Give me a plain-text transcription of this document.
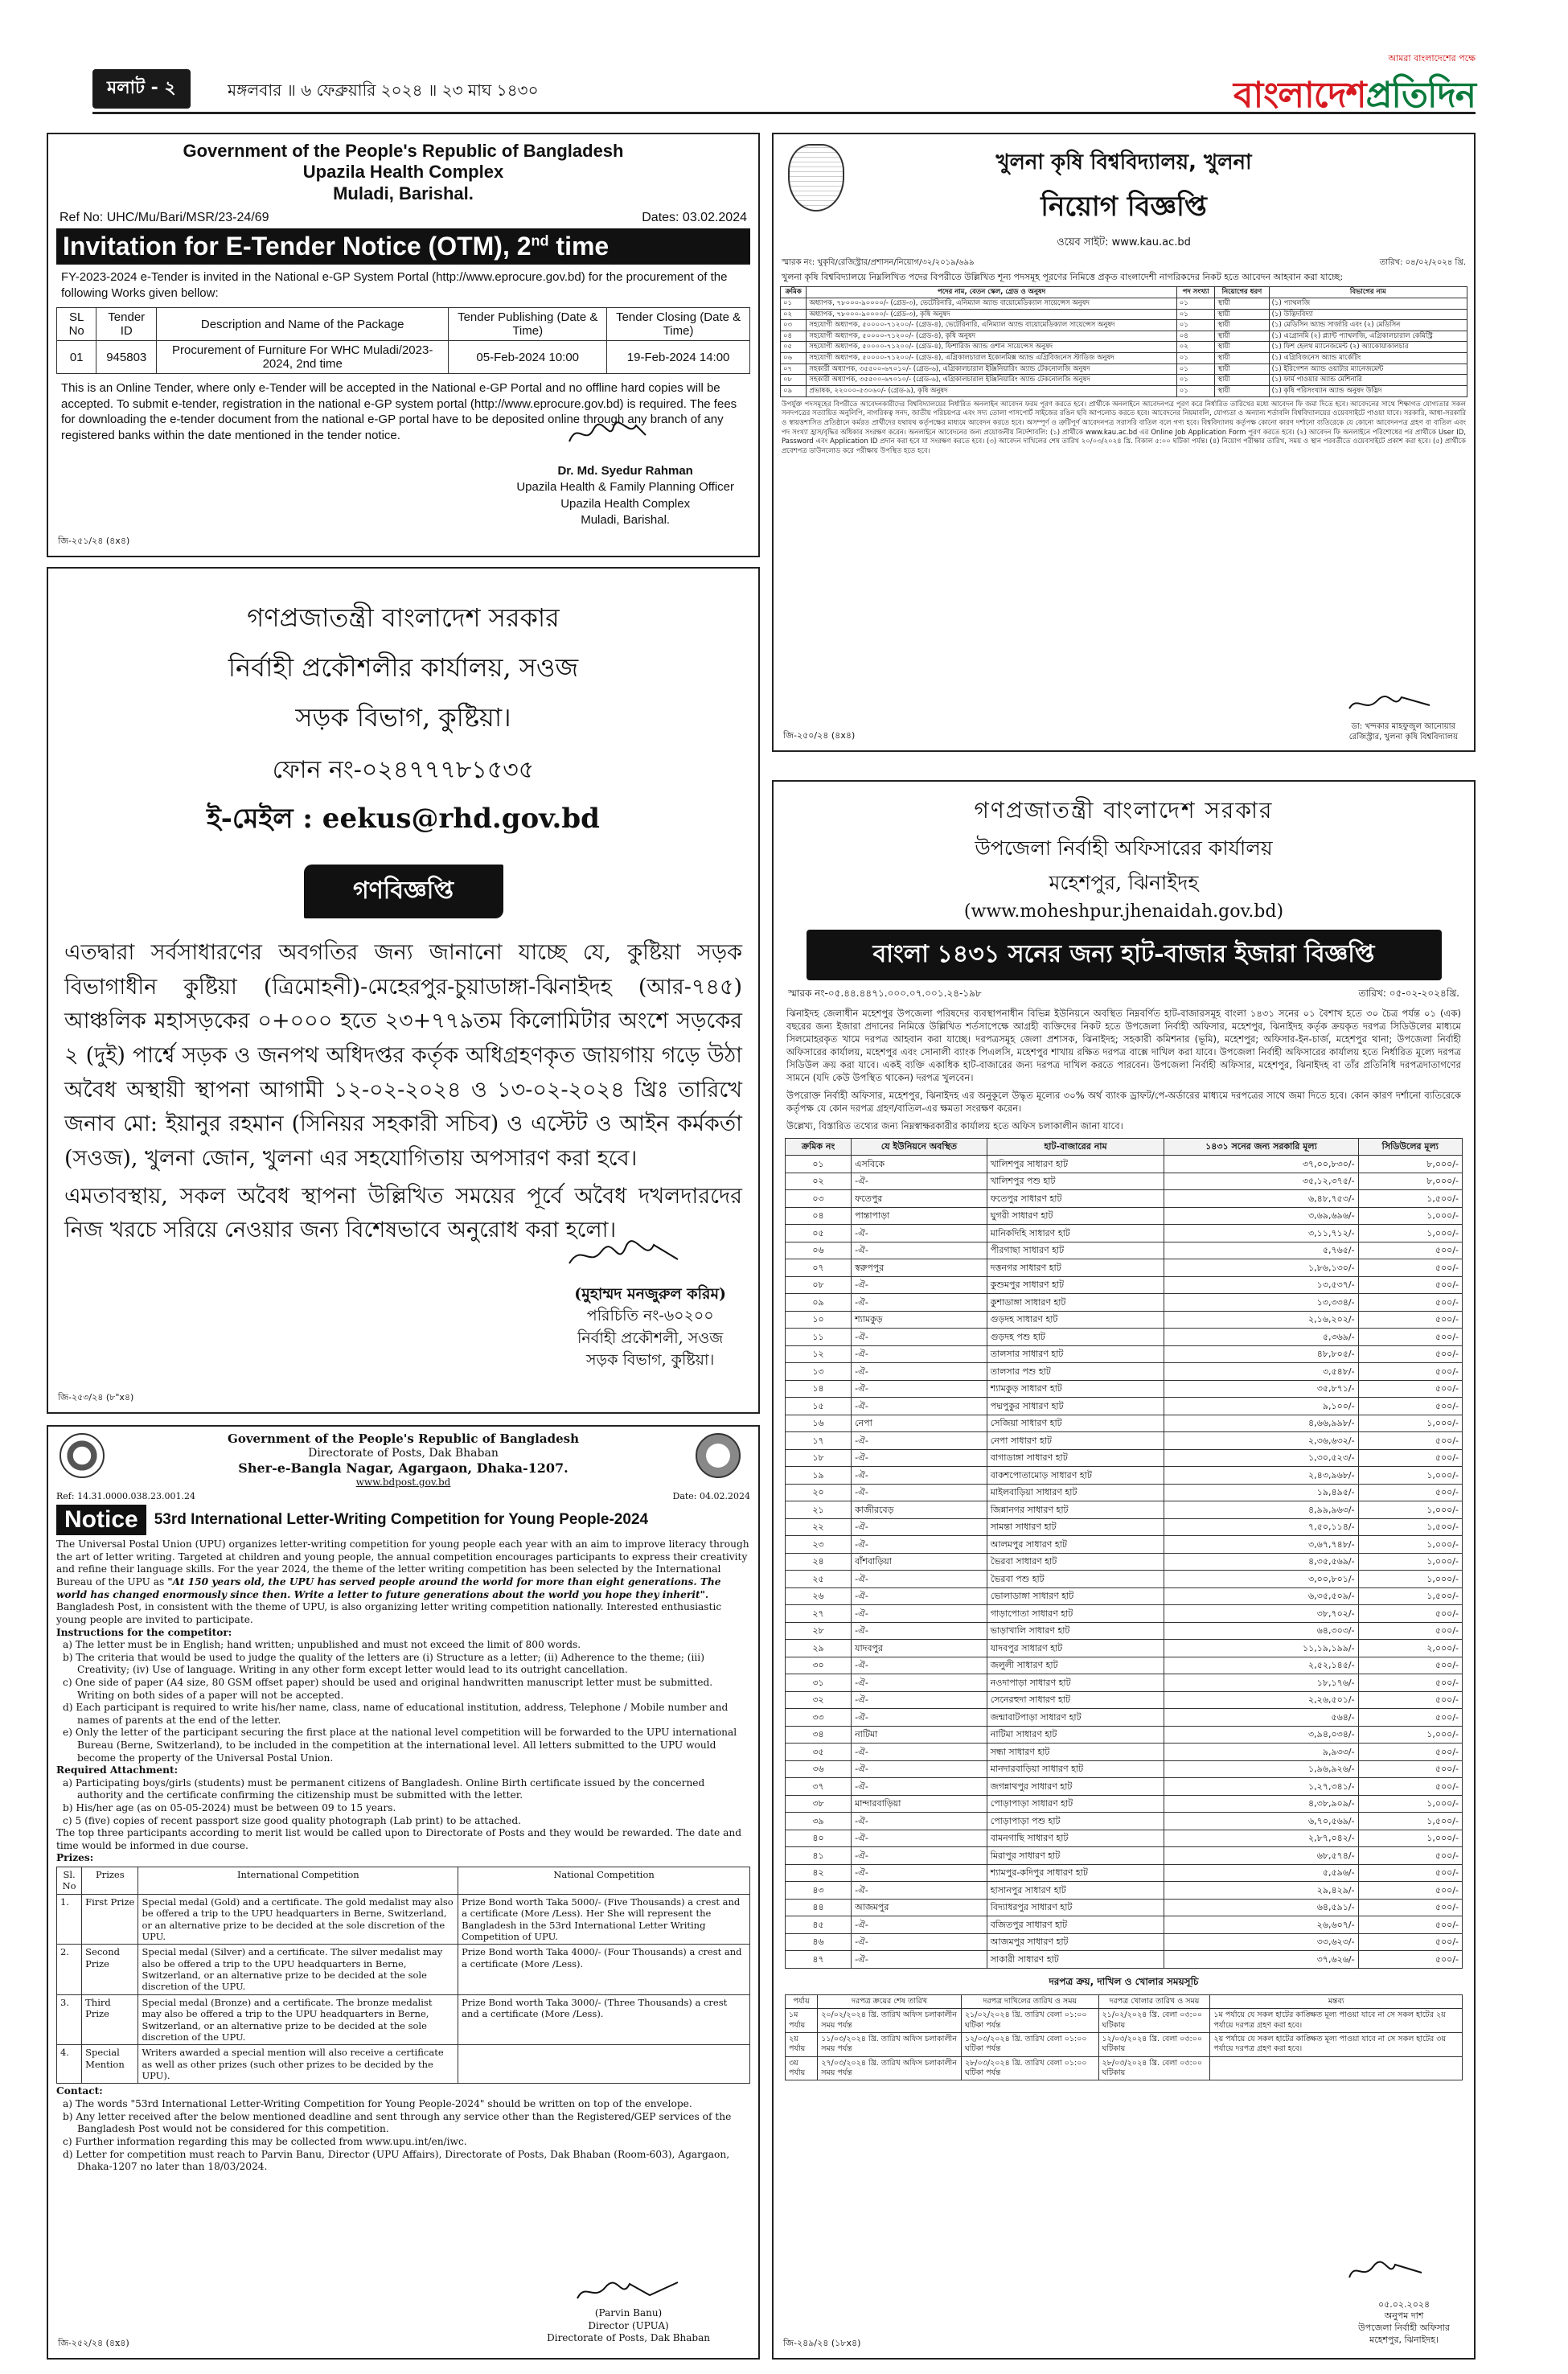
মলাট - ২	মঙ্গলবার ॥ ৬ ফেব্রুয়ারি ২০২৪ ॥ ২৩ মাঘ ১৪৩০
আমরা বাংলাদেশের পক্ষে
বাংলাদেশপ্রতিদিন
Government of the People's Republic of Bangladesh
Upazila Health Complex
Muladi, Barishal.
Ref No: UHC/Mu/Bari/MSR/23-24/69	Dates: 03.02.2024
Invitation for E-Tender Notice (OTM), 2nd time
FY-2023-2024 e-Tender is invited in the National e-GP System Portal (http://www.eprocure.gov.bd) for the procurement of the following Works given bellow:
SL No	Tender ID	Description and Name of the Package	Tender Publishing (Date & Time)	Tender Closing (Date & Time)
01	945803	Procurement of Furniture For WHC Muladi/2023-2024, 2nd time	05-Feb-2024 10:00	19-Feb-2024 14:00
This is an Online Tender, where only e-Tender will be accepted in the National e-GP Portal and no offline hard copies will be accepted. To submit e-tender, registration in the national e-GP system portal (http://www.eprocure.gov.bd) is required. The fees for downloading the e-tender document from the national e-GP portal have to be deposited online through any branch of any registered banks within the date mentioned in the tender notice.
Dr. Md. Syedur Rahman
Upazila Health & Family Planning Officer
Upazila Health Complex
Muladi, Barishal.
জি-২৫১/২৪ (৪x৪)
গণপ্রজাতন্ত্রী বাংলাদেশ সরকার
নির্বাহী প্রকৌশলীর কার্যালয়, সওজ
সড়ক বিভাগ, কুষ্টিয়া।
ফোন নং-০২৪৭৭৭৮১৫৩৫
ই-মেইল : eekus@rhd.gov.bd
গণবিজ্ঞপ্তি

এতদ্বারা সর্বসাধারণের অবগতির জন্য জানানো যাচ্ছে যে, কুষ্টিয়া সড়ক বিভাগাধীন কুষ্টিয়া (ত্রিমোহনী)-মেহেরপুর-চুয়াডাঙ্গা-ঝিনাইদহ (আর-৭৪৫) আঞ্চলিক মহাসড়কের ০+০০০ হতে ২৩+৭৭৯তম কিলোমিটার অংশে সড়কের ২ (দুই) পার্শ্বে সড়ক ও জনপথ অধিদপ্তর কর্তৃক অধিগ্রহণকৃত জায়গায় গড়ে উঠা অবৈধ অস্থায়ী স্থাপনা আগামী ১২-০২-২০২৪ ও ১৩-০২-২০২৪ খ্রিঃ তারিখে জনাব মো: ইয়ানুর রহমান (সিনিয়র সহকারী সচিব) ও এস্টেট ও আইন কর্মকর্তা (সওজ), খুলনা জোন, খুলনা এর সহযোগিতায় অপসারণ করা হবে।

এমতাবস্থায়, সকল অবৈধ স্থাপনা উল্লিখিত সময়ের পূর্বে অবৈধ দখলদারদের নিজ খরচে সরিয়ে নেওয়ার জন্য বিশেষভাবে অনুরোধ করা হলো।

(মুহাম্মদ মনজুরুল করিম)
পরিচিতি নং-৬০২০০
নির্বাহী প্রকৌশলী, সওজ
সড়ক বিভাগ, কুষ্টিয়া।
জি-২৫৩/২৪ (৮"x৪)
Government of the People's Republic of Bangladesh
Directorate of Posts, Dak Bhaban
Sher-e-Bangla Nagar, Agargaon, Dhaka-1207.
www.bdpost.gov.bd
Ref: 14.31.0000.038.23.001.24	Date: 04.02.2024
Notice	53rd International Letter-Writing Competition for Young People-2024
The Universal Postal Union (UPU) organizes letter-writing competition for young people each year with an aim to improve literacy through the art of letter writing. Targeted at children and young people, the annual competition encourages participants to express their creativity and refine their language skills. For the year 2024, the theme of the letter writing competition has been selected by the International Bureau of the UPU as "At 150 years old, the UPU has served people around the world for more than eight generations. The world has changed enormously since then. Write a letter to future generations about the world you hope they inherit".
Bangladesh Post, in consistent with the theme of UPU, is also organizing letter writing competition nationally. Interested enthusiastic young people are invited to participate.
Instructions for the competitor:
a) The letter must be in English; hand written; unpublished and must not exceed the limit of 800 words.
b) The criteria that would be used to judge the quality of the letters are (i) Structure as a letter; (ii) Adherence to the theme; (iii) Creativity; (iv) Use of language. Writing in any other form except letter would lead to its outright cancellation.
c) One side of paper (A4 size, 80 GSM offset paper) should be used and original handwritten manuscript letter must be submitted. Writing on both sides of a paper will not be accepted.
d) Each participant is required to write his/her name, class, name of educational institution, address, Telephone / Mobile number and names of parents at the end of the letter.
e) Only the letter of the participant securing the first place at the national level competition will be forwarded to the UPU international Bureau (Berne, Switzerland), to be included in the competition at the international level. All letters submitted to the UPU would become the property of the Universal Postal Union.
Required Attachment:
a) Participating boys/girls (students) must be permanent citizens of Bangladesh. Online Birth certificate issued by the concerned authority and the certificate confirming the citizenship must be submitted with the letter.
b) His/her age (as on 05-05-2024) must be between 09 to 15 years.
c) 5 (five) copies of recent passport size good quality photograph (Lab print) to be attached.
The top three participants according to merit list would be called upon to Directorate of Posts and they would be rewarded. The date and time would be informed in due course.
Prizes:
Sl. No	Prizes	International Competition	National Competition
1.	First Prize	Special medal (Gold) and a certificate. The gold medalist may also be offered a trip to the UPU headquarters in Berne, Switzerland, or an alternative prize to be decided at the sole discretion of the UPU.	Prize Bond worth Taka 5000/- (Five Thousands) a crest and a certificate (More /Less). Her She will represent the Bangladesh in the 53rd International Letter Writing Competition of UPU.
2.	Second Prize	Special medal (Silver) and a certificate. The silver medalist may also be offered a trip to the UPU headquarters in Berne, Switzerland, or an alternative prize to be decided at the sole discretion of the UPU.	Prize Bond worth Taka 4000/- (Four Thousands) a crest and a certificate (More /Less).
3.	Third Prize	Special medal (Bronze) and a certificate. The bronze medalist may also be offered a trip to the UPU headquarters in Berne, Switzerland, or an alternative prize to be decided at the sole discretion of the UPU.	Prize Bond worth Taka 3000/- (Three Thousands) a crest and a certificate (More /Less).
4.	Special Mention	Writers awarded a special mention will also receive a certificate as well as other prizes (such other prizes to be decided by the UPU).	
Contact:
a) The words "53rd International Letter-Writing Competition for Young People-2024" should be written on top of the envelope.
b) Any letter received after the below mentioned deadline and sent through any service other than the Registered/GEP services of the Bangladesh Post would not be considered for this competition.
c) Further information regarding this may be collected from www.upu.int/en/iwc.
d) Letter for competition must reach to Parvin Banu, Director (UPU Affairs), Directorate of Posts, Dak Bhaban (Room-603), Agargaon, Dhaka-1207 no later than 18/03/2024.
(Parvin Banu)
Director (UPUA)
Directorate of Posts, Dak Bhaban
জি-২৫২/২৪ (৪x৪)
খুলনা কৃষি বিশ্ববিদ্যালয়, খুলনা
নিয়োগ বিজ্ঞপ্তি
ওয়েব সাইট: www.kau.ac.bd
স্মারক নং: খুকৃবি/রেজিস্ট্রার/প্রশাসন/নিয়োগ/৩২/২০১৯/৬৯৯	তারিখ: ০৪/০২/২০২৪ খ্রি.
খুলনা কৃষি বিশ্ববিদ্যালয়ে নিম্নলিখিত পদের বিপরীতে উল্লিখিত শূন্য পদসমূহ পূরণের নিমিত্তে প্রকৃত বাংলাদেশী নাগরিকদের নিকট হতে আবেদন আহবান করা যাচ্ছে:
ক্রমিক	পদের নাম, বেতন স্কেল, গ্রেড ও অনুষদ	পদ সংখ্যা	নিয়োগের ধরণ	বিভাগের নাম
০১	অধ্যাপক, ৭৮০০০-৯০০০০/- (গ্রেড-৩), ভেটেরিনারি, এনিম্যাল অ্যান্ড বায়োমেডিক্যাল সায়েন্সেস অনুষদ	০১	স্থায়ী	(১) প্যাথলজি
০২	অধ্যাপক, ৭৮০০০-৯০০০০/- (গ্রেড-৩), কৃষি অনুষদ	০১	স্থায়ী	(১) উদ্ভিদবিদ্যা
০৩	সহযোগী অধ্যাপক, ৫০০০০-৭১২০০/- (গ্রেড-৪), ভেটেরিনারি, এনিম্যাল অ্যান্ড বায়োমেডিক্যাল সায়েন্সেস অনুষদ	০১	স্থায়ী	(১) মেডিসিন অ্যান্ড সার্জারি এবং (২) মেডিসিন
০৪	সহযোগী অধ্যাপক, ৫০০০০-৭১২০০/- (গ্রেড-৪), কৃষি অনুষদ	০৪	স্থায়ী	(১) এগ্রোনমি (২) প্ল্যান্ট প্যাথলজি, এগ্রিকালচারাল কেমিস্ট্রি
০৫	সহযোগী অধ্যাপক, ৫০০০০-৭১২০০/- (গ্রেড-৪), ফিশারিজ অ্যান্ড ওশান সায়েন্সেস অনুষদ	০২	স্থায়ী	(১) ফিশ হেলথ ম্যানেজমেন্ট (২) অ্যাকোয়াকালচার
০৬	সহযোগী অধ্যাপক, ৫০০০০-৭১২০০/- (গ্রেড-৪), এগ্রিকালচারাল ইকোনমিক্স অ্যান্ড এগ্রিবিজনেস স্টাডিজ অনুষদ	০১	স্থায়ী	(১) এগ্রিবিজনেস অ্যান্ড মার্কেটিং
০৭	সহকারী অধ্যাপক, ৩৫৫০০-৬৭০১০/- (গ্রেড-৬), এগ্রিকালচারাল ইঞ্জিনিয়ারিং অ্যান্ড টেকনোলজি অনুষদ	০১	স্থায়ী	(১) ইরিগেশন অ্যান্ড ওয়াটার ম্যানেজমেন্ট
০৮	সহকারী অধ্যাপক, ৩৫৫০০-৬৭০১০/- (গ্রেড-৬), এগ্রিকালচারাল ইঞ্জিনিয়ারিং অ্যান্ড টেকনোলজি অনুষদ	০১	স্থায়ী	(১) ফার্ম পাওয়ার অ্যান্ড মেশিনারি
০৯	প্রভাষক, ২২০০০-৫৩০৬০/- (গ্রেড-৯), কৃষি অনুষদ	০১	স্থায়ী	(১) কৃষি পরিসংখ্যান অ্যান্ড অনুষদ উদ্ভিদ
উপর্যুক্ত পদসমূহের বিপরীতে আবেদনকারীদের বিশ্ববিদ্যালয়ের নির্ধারিত অনলাইন আবেদন ফরম পূরণ করতে হবে। প্রার্থীকে অনলাইনে আবেদনপত্র পূরণ করে নির্ধারিত তারিখের মধ্যে আবেদন ফি জমা দিতে হবে। আবেদনের সাথে শিক্ষাগত যোগ্যতার সকল সনদপত্রের সত্যায়িত অনুলিপি, নাগরিকত্ব সনদ, জাতীয় পরিচয়পত্র এবং সদ্য তোলা পাসপোর্ট সাইজের রঙিন ছবি আপলোড করতে হবে। আবেদনের নিয়মাবলি, যোগ্যতা ও অন্যান্য শর্তাবলি বিশ্ববিদ্যালয়ের ওয়েবসাইটে পাওয়া যাবে। সরকারি, আধা-সরকারি ও স্বায়ত্তশাসিত প্রতিষ্ঠানে কর্মরত প্রার্থীদের যথাযথ কর্তৃপক্ষের মাধ্যমে আবেদন করতে হবে। অসম্পূর্ণ ও ত্রুটিপূর্ণ আবেদনপত্র সরাসরি বাতিল বলে গণ্য হবে। বিশ্ববিদ্যালয় কর্তৃপক্ষ কোনো কারণ দর্শানো ব্যতিরেকে যে কোনো আবেদনপত্র গ্রহণ বা বাতিল এবং পদ সংখ্যা হ্রাস/বৃদ্ধির অধিকার সংরক্ষণ করেন। অনলাইনে আবেদনের জন্য প্রয়োজনীয় নির্দেশাবলি: (১) প্রার্থীকে www.kau.ac.bd এর Online Job Application Form পূরণ করতে হবে। (২) আবেদন ফি অনলাইনে পরিশোধের পর প্রার্থীকে User ID, Password এবং Application ID প্রদান করা হবে যা সংরক্ষণ করতে হবে। (৩) আবেদন দাখিলের শেষ তারিখ ২০/০৩/২০২৪ খ্রি. বিকাল ৫:০০ ঘটিকা পর্যন্ত। (৪) নিয়োগ পরীক্ষার তারিখ, সময় ও স্থান পরবর্তীতে ওয়েবসাইটে প্রকাশ করা হবে। (৫) প্রার্থীকে প্রবেশপত্র ডাউনলোড করে পরীক্ষায় উপস্থিত হতে হবে।
ডা: খন্দকার মাহফুজুল আনোয়ার
রেজিস্ট্রার, খুলনা কৃষি বিশ্ববিদ্যালয়
জি-২৫০/২৪ (৪x৪)
গণপ্রজাতন্ত্রী বাংলাদেশ সরকার
উপজেলা নির্বাহী অফিসারের কার্যালয়
মহেশপুর, ঝিনাইদহ
(www.moheshpur.jhenaidah.gov.bd)
বাংলা ১৪৩১ সনের জন্য হাট-বাজার ইজারা বিজ্ঞপ্তি
স্মারক নং-০৫.৪৪.৪৪৭১.০০০.০৭.০০১.২৪-১৯৮	তারিখ: ০৫-০২-২০২৪খ্রি.
ঝিনাইদহ জেলাধীন মহেশপুর উপজেলা পরিষদের ব্যবস্থাপনাধীন বিভিন্ন ইউনিয়নে অবস্থিত নিম্নবর্ণিত হাট-বাজারসমূহ বাংলা ১৪৩১ সনের ০১ বৈশাখ হতে ৩০ চৈত্র পর্যন্ত ০১ (এক) বছরের জন্য ইজারা প্রদানের নিমিত্তে উল্লিখিত শর্তসাপেক্ষে আগ্রহী ব্যক্তিদের নিকট হতে উপজেলা নির্বাহী অফিসার, মহেশপুর, ঝিনাইদহ কর্তৃক ক্রয়কৃত দরপত্র সিডিউলের মাধ্যমে সিলমোহরকৃত খামে দরপত্র আহবান করা যাচ্ছে। দরপত্রসমূহ জেলা প্রশাসক, ঝিনাইদহ; সহকারী কমিশনার (ভূমি), মহেশপুর; অফিসার-ইন-চার্জ, মহেশপুর থানা; উপজেলা নির্বাহী অফিসারের কার্যালয়, মহেশপুর এবং সোনালী ব্যাংক পিএলসি, মহেশপুর শাখায় রক্ষিত দরপত্র বাক্সে দাখিল করা যাবে। উপজেলা নির্বাহী অফিসারের কার্যালয় হতে নির্ধারিত মূল্যে দরপত্র সিডিউল ক্রয় করা যাবে। একই ব্যক্তি একাধিক হাট-বাজারের জন্য দরপত্র দাখিল করতে পারবেন। উপজেলা নির্বাহী অফিসার, মহেশপুর, ঝিনাইদহ বা তাঁর প্রতিনিধি দরপত্রদাতাগণের সামনে (যদি কেউ উপস্থিত থাকেন) দরপত্র খুলবেন।
উপরোক্ত নির্বাহী অফিসার, মহেশপুর, ঝিনাইদহ এর অনুকূলে উদ্ধৃত মূল্যের ৩০% অর্থ ব্যাংক ড্রাফট/পে-অর্ডারের মাধ্যমে দরপত্রের সাথে জমা দিতে হবে। কোন কারণ দর্শানো ব্যতিরেকে কর্তৃপক্ষ যে কোন দরপত্র গ্রহণ/বাতিল-এর ক্ষমতা সংরক্ষণ করেন।
উল্লেখ্য, বিস্তারিত তথ্যের জন্য নিম্নস্বাক্ষরকারীর কার্যালয় হতে অফিস চলাকালীন জানা যাবে।
ক্রমিক নং	যে ইউনিয়নে অবস্থিত	হাট-বাজারের নাম	১৪৩১ সনের জন্য সরকারি মূল্য	সিডিউলের মূল্য
০১	এসবিকে	খালিশপুর সাধারণ হাট	৩৭,০০,৮৩০/-	৮,০০০/-
০২	-ঐ-	খালিশপুর পশু হাট	৩৫,১২,৩৭৫/-	৮,০০০/-
০৩	ফতেপুর	ফতেপুর সাধারণ হাট	৬,৪৮,৭৫৩/-	১,৫০০/-
০৪	পান্তাপাড়া	ঘুগরী সাধারণ হাট	৩,৬৯,৬৯৬/-	১,০০০/-
০৫	-ঐ-	মানিকদিহি সাধারণ হাট	৩,১১,৭১২/-	১,০০০/-
০৬	-ঐ-	পীরগাছা সাধারণ হাট	৫,৭৬৫/-	৫০০/-
০৭	স্বরুপপুর	দত্তনগর সাধারণ হাট	১,৮৬,১৩০/-	৫০০/-
০৮	-ঐ-	কুশুমপুর সাধারণ হাট	১৩,৫৩৭/-	৫০০/-
০৯	-ঐ-	কুশাডাঙ্গা সাধারণ হাট	১৩,৩৩৪/-	৫০০/-
১০	শ্যামকুড়	গুড়দহ সাধারণ হাট	২,১৬,২০২/-	৫০০/-
১১	-ঐ-	গুড়দহ পশু হাট	৫,৩৬৯/-	৫০০/-
১২	-ঐ-	তালসার সাধারণ হাট	৪৮,৮০৫/-	৫০০/-
১৩	-ঐ-	তালসার পশু হাট	৩,৫৪৮/-	৫০০/-
১৪	-ঐ-	শ্যামকুড় সাধারণ হাট	৩৫,৮৭১/-	৫০০/-
১৫	-ঐ-	পদ্মপুকুর সাধারণ হাট	৯,১০০/-	৫০০/-
১৬	নেপা	সেজিয়া সাধারণ হাট	৪,৬৬,৯৯৮/-	১,০০০/-
১৭	-ঐ-	নেপা সাধারণ হাট	২,৩৬,৬৩২/-	৫০০/-
১৮	-ঐ-	বাগাডাঙ্গা সাধারণ হাট	১,৩০,৫২৩/-	৫০০/-
১৯	-ঐ-	বাকশপোতামোড় সাধারণ হাট	২,৪৩,৯৬৮/-	১,০০০/-
২০	-ঐ-	মাইলবাড়িয়া সাধারণ হাট	১৯,৪৯৫/-	৫০০/-
২১	কাজীরবেড়	জিন্নানগর সাধারণ হাট	৪,৯৯,৯৬৩/-	১,০০০/-
২২	-ঐ-	সামন্তা সাধারণ হাট	৭,৫০,১১৪/-	১,৫০০/-
২৩	-ঐ-	আলমপুর সাধারণ হাট	৩,৬৭,৭৪৮/-	১,০০০/-
২৪	বাঁশবাড়িয়া	ভৈরবা সাধারণ হাট	৪,৩৫,৫৬৯/-	১,০০০/-
২৫	-ঐ-	ভৈরবা পশু হাট	৩,০০,৮০১/-	১,০০০/-
২৬	-ঐ-	ভোলাডাঙ্গা সাধারণ হাট	৬,৩৫,৫০৯/-	১,৫০০/-
২৭	-ঐ-	গাড়াপোতা সাধারণ হাট	৩৮,৭০২/-	৫০০/-
২৮	-ঐ-	ভাড়াখালি সাধারণ হাট	৬৪,৩০৩/-	৫০০/-
২৯	যাদবপুর	যাদবপুর সাধারণ হাট	১১,১৯,১৯৯/-	২,০০০/-
৩০	-ঐ-	জলুলী সাধারণ হাট	২,৫২,১৪৫/-	৫০০/-
৩১	-ঐ-	নওদাপাড়া সাধারণ হাট	১৮,১৭৬/-	৫০০/-
৩২	-ঐ-	সেনেরহুদা সাধারণ হাট	২,২৬,৫০১/-	৫০০/-
৩৩	-ঐ-	জন্মাবাটপাড়া সাধারণ হাট	৫৬৪/-	৫০০/-
৩৪	নাটিমা	নাটিমা সাধারণ হাট	৩,৯৪,০৩৪/-	১,০০০/-
৩৫	-ঐ-	সন্ধা সাধারণ হাট	৯,৯৩৩/-	৫০০/-
৩৬	-ঐ-	মানদারবাড়িয়া সাধারণ হাট	১,৯৬,৯২৬/-	৫০০/-
৩৭	-ঐ-	জগন্নাথপুর সাধারণ হাট	১,২৭,৩৪১/-	৫০০/-
৩৮	মান্দারবাড়িয়া	পোড়াপাড়া সাধারণ হাট	৪,৩৮,৯০৯/-	১,০০০/-
৩৯	-ঐ-	পোড়াপাড়া পশু হাট	৬,৭০,৫৬৯/-	১,৫০০/-
৪০	-ঐ-	বামনগাছি সাধারণ হাট	২,৮৭,০৪২/-	১,০০০/-
৪১	-ঐ-	মিরাপুর সাধারণ হাট	৬৮,৫৭৪/-	৫০০/-
৪২	-ঐ-	শ্যামপুর-কদিপুর সাধারণ হাট	৫,৫৯৬/-	৫০০/-
৪৩	-ঐ-	হাসানপুর সাধারণ হাট	২৯,৪২৯/-	৫০০/-
৪৪	আজমপুর	বিদ্যাধরপুর সাধারণ হাট	৬৪,৫৯১/-	৫০০/-
৪৫	-ঐ-	বজিতপুর সাধারণ হাট	২৬,৬০৭/-	৫০০/-
৪৬	-ঐ-	আজমপুর সাধারণ হাট	৩৩,৬২৩/-	৫০০/-
৪৭	-ঐ-	সাকারী সাধারণ হাট	৩৭,৬২৬/-	৫০০/-
দরপত্র ক্রয়, দাখিল ও খোলার সময়সূচি
পর্যায়	দরপত্র ক্রয়ের শেষ তারিখ	দরপত্র দাখিলের তারিখ ও সময়	দরপত্র খোলার তারিখ ও সময়	মন্তব্য
১ম পর্যায়	২০/০২/২০২৪ খ্রি. তারিখ অফিস চলাকালীন সময় পর্যন্ত	২১/০২/২০২৪ খ্রি. তারিখ বেলা ০১:০০ ঘটিকা পর্যন্ত	২১/০২/২০২৪ খ্রি. বেলা ০৩:০০ ঘটিকায়	১ম পর্যায়ে যে সকল হাটের কাঙ্ক্ষিত মূল্য পাওয়া যাবে না সে সকল হাটের ২য় পর্যায়ে দরপত্র গ্রহণ করা হবে।
২য় পর্যায়	১১/০৩/২০২৪ খ্রি. তারিখ অফিস চলাকালীন সময় পর্যন্ত	১২/০৩/২০২৪ খ্রি. তারিখ বেলা ০১:০০ ঘটিকা পর্যন্ত	১২/০৩/২০২৪ খ্রি. বেলা ০৩:০০ ঘটিকায়	২য় পর্যায়ে যে সকল হাটের কাঙ্ক্ষিত মূল্য পাওয়া যাবে না সে সকল হাটের ৩য় পর্যায়ে দরপত্র গ্রহণ করা হবে।
৩য় পর্যায়	২৭/০৩/২০২৪ খ্রি. তারিখ অফিস চলাকালীন সময় পর্যন্ত	২৮/০৩/২০২৪ খ্রি. তারিখ বেলা ০১:০০ ঘটিকা পর্যন্ত	২৮/০৩/২০২৪ খ্রি. বেলা ০৩:০০ ঘটিকায়	
০৫.০২.২০২৪
অনুপম দাশ
উপজেলা নির্বাহী অফিসার
মহেশপুর, ঝিনাইদহ।
জি-২৪৯/২৪ (১৮x৪)
